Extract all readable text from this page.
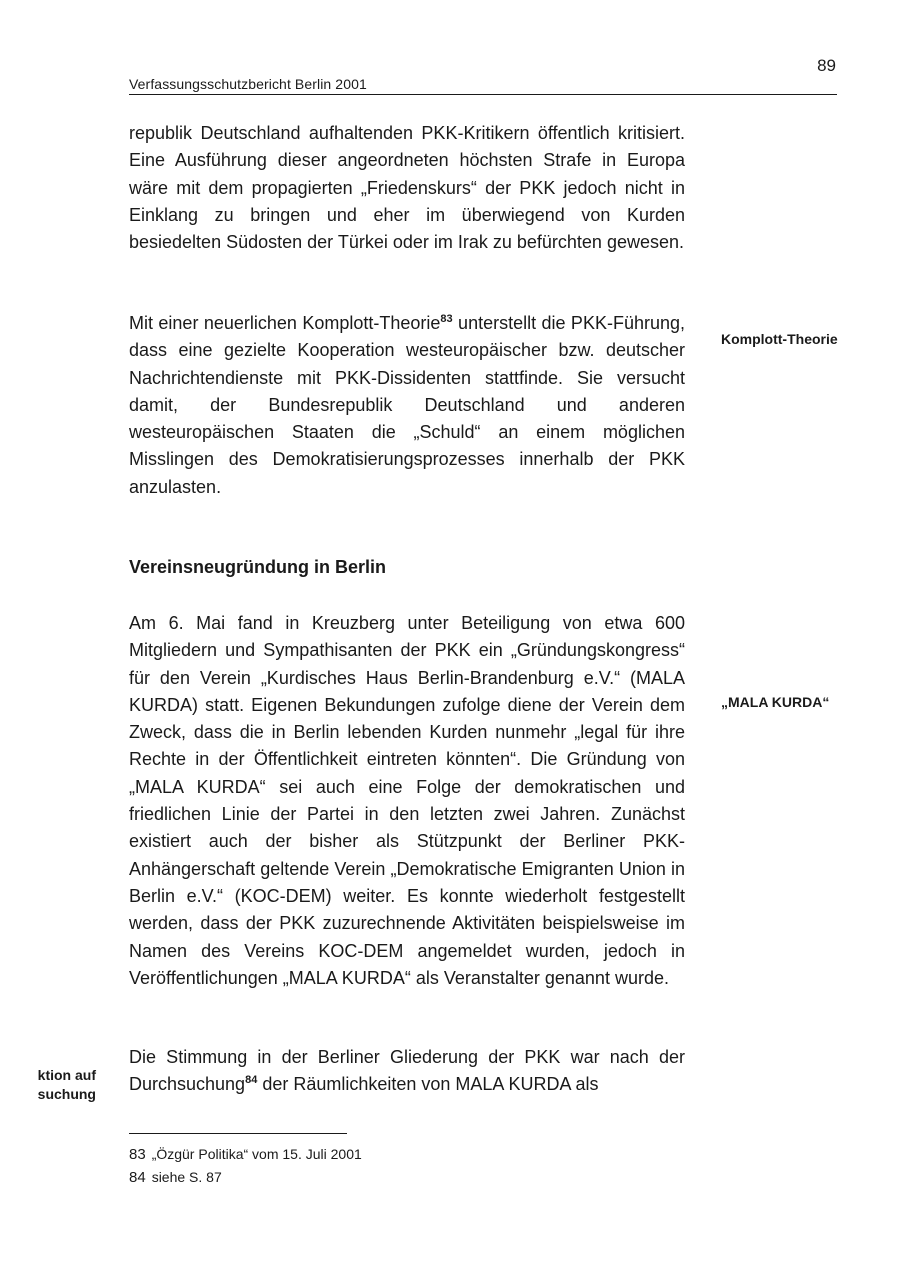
89
Verfassungsschutzbericht Berlin 2001

republik Deutschland aufhaltenden PKK-Kritikern öffentlich kritisiert. Eine Ausführung dieser angeordneten höchsten Strafe in Europa wäre mit dem propagierten „Friedenskurs“ der PKK jedoch nicht in Einklang zu bringen und eher im überwiegend von Kurden besiedelten Südosten der Türkei oder im Irak zu befürchten gewesen.

Mit einer neuerlichen Komplott-Theorie$^{83}$ unterstellt die PKK-Führung, dass eine gezielte Kooperation westeuropäischer bzw. deutscher Nachrichtendienste mit PKK-Dissidenten stattfinde. Sie versucht damit, der Bundesrepublik Deutschland und anderen westeuropäischen Staaten die „Schuld“ an einem möglichen Misslingen des Demokratisierungsprozesses innerhalb der PKK anzulasten.

Komplott-Theorie

Vereinsneugründung in Berlin

Am 6. Mai fand in Kreuzberg unter Beteiligung von etwa 600 Mitgliedern und Sympathisanten der PKK ein „Gründungskongress“ für den Verein „Kurdisches Haus Berlin-Brandenburg e.V.“ (MALA KURDA) statt. Eigenen Bekundungen zufolge diene der Verein dem Zweck, dass die in Berlin lebenden Kurden nunmehr „legal für ihre Rechte in der Öffentlichkeit eintreten könnten“. Die Gründung von „MALA KURDA“ sei auch eine Folge der demokratischen und friedlichen Linie der Partei in den letzten zwei Jahren. Zunächst existiert auch der bisher als Stützpunkt der Berliner PKK-Anhängerschaft geltende Verein „Demokratische Emigranten Union in Berlin e.V.“ (KOC-DEM) weiter. Es konnte wiederholt festgestellt werden, dass der PKK zuzurechnende Aktivitäten beispielsweise im Namen des Vereins KOC-DEM angemeldet wurden, jedoch in Veröffentlichungen „MALA KURDA“ als Veranstalter genannt wurde.

„MALA KURDA“

ktion auf
suchung

Die Stimmung in der Berliner Gliederung der PKK war nach der Durchsuchung$^{84}$ der Räumlichkeiten von MALA KURDA als

83 „Özgür Politika“ vom 15. Juli 2001

84 siehe S. 87
